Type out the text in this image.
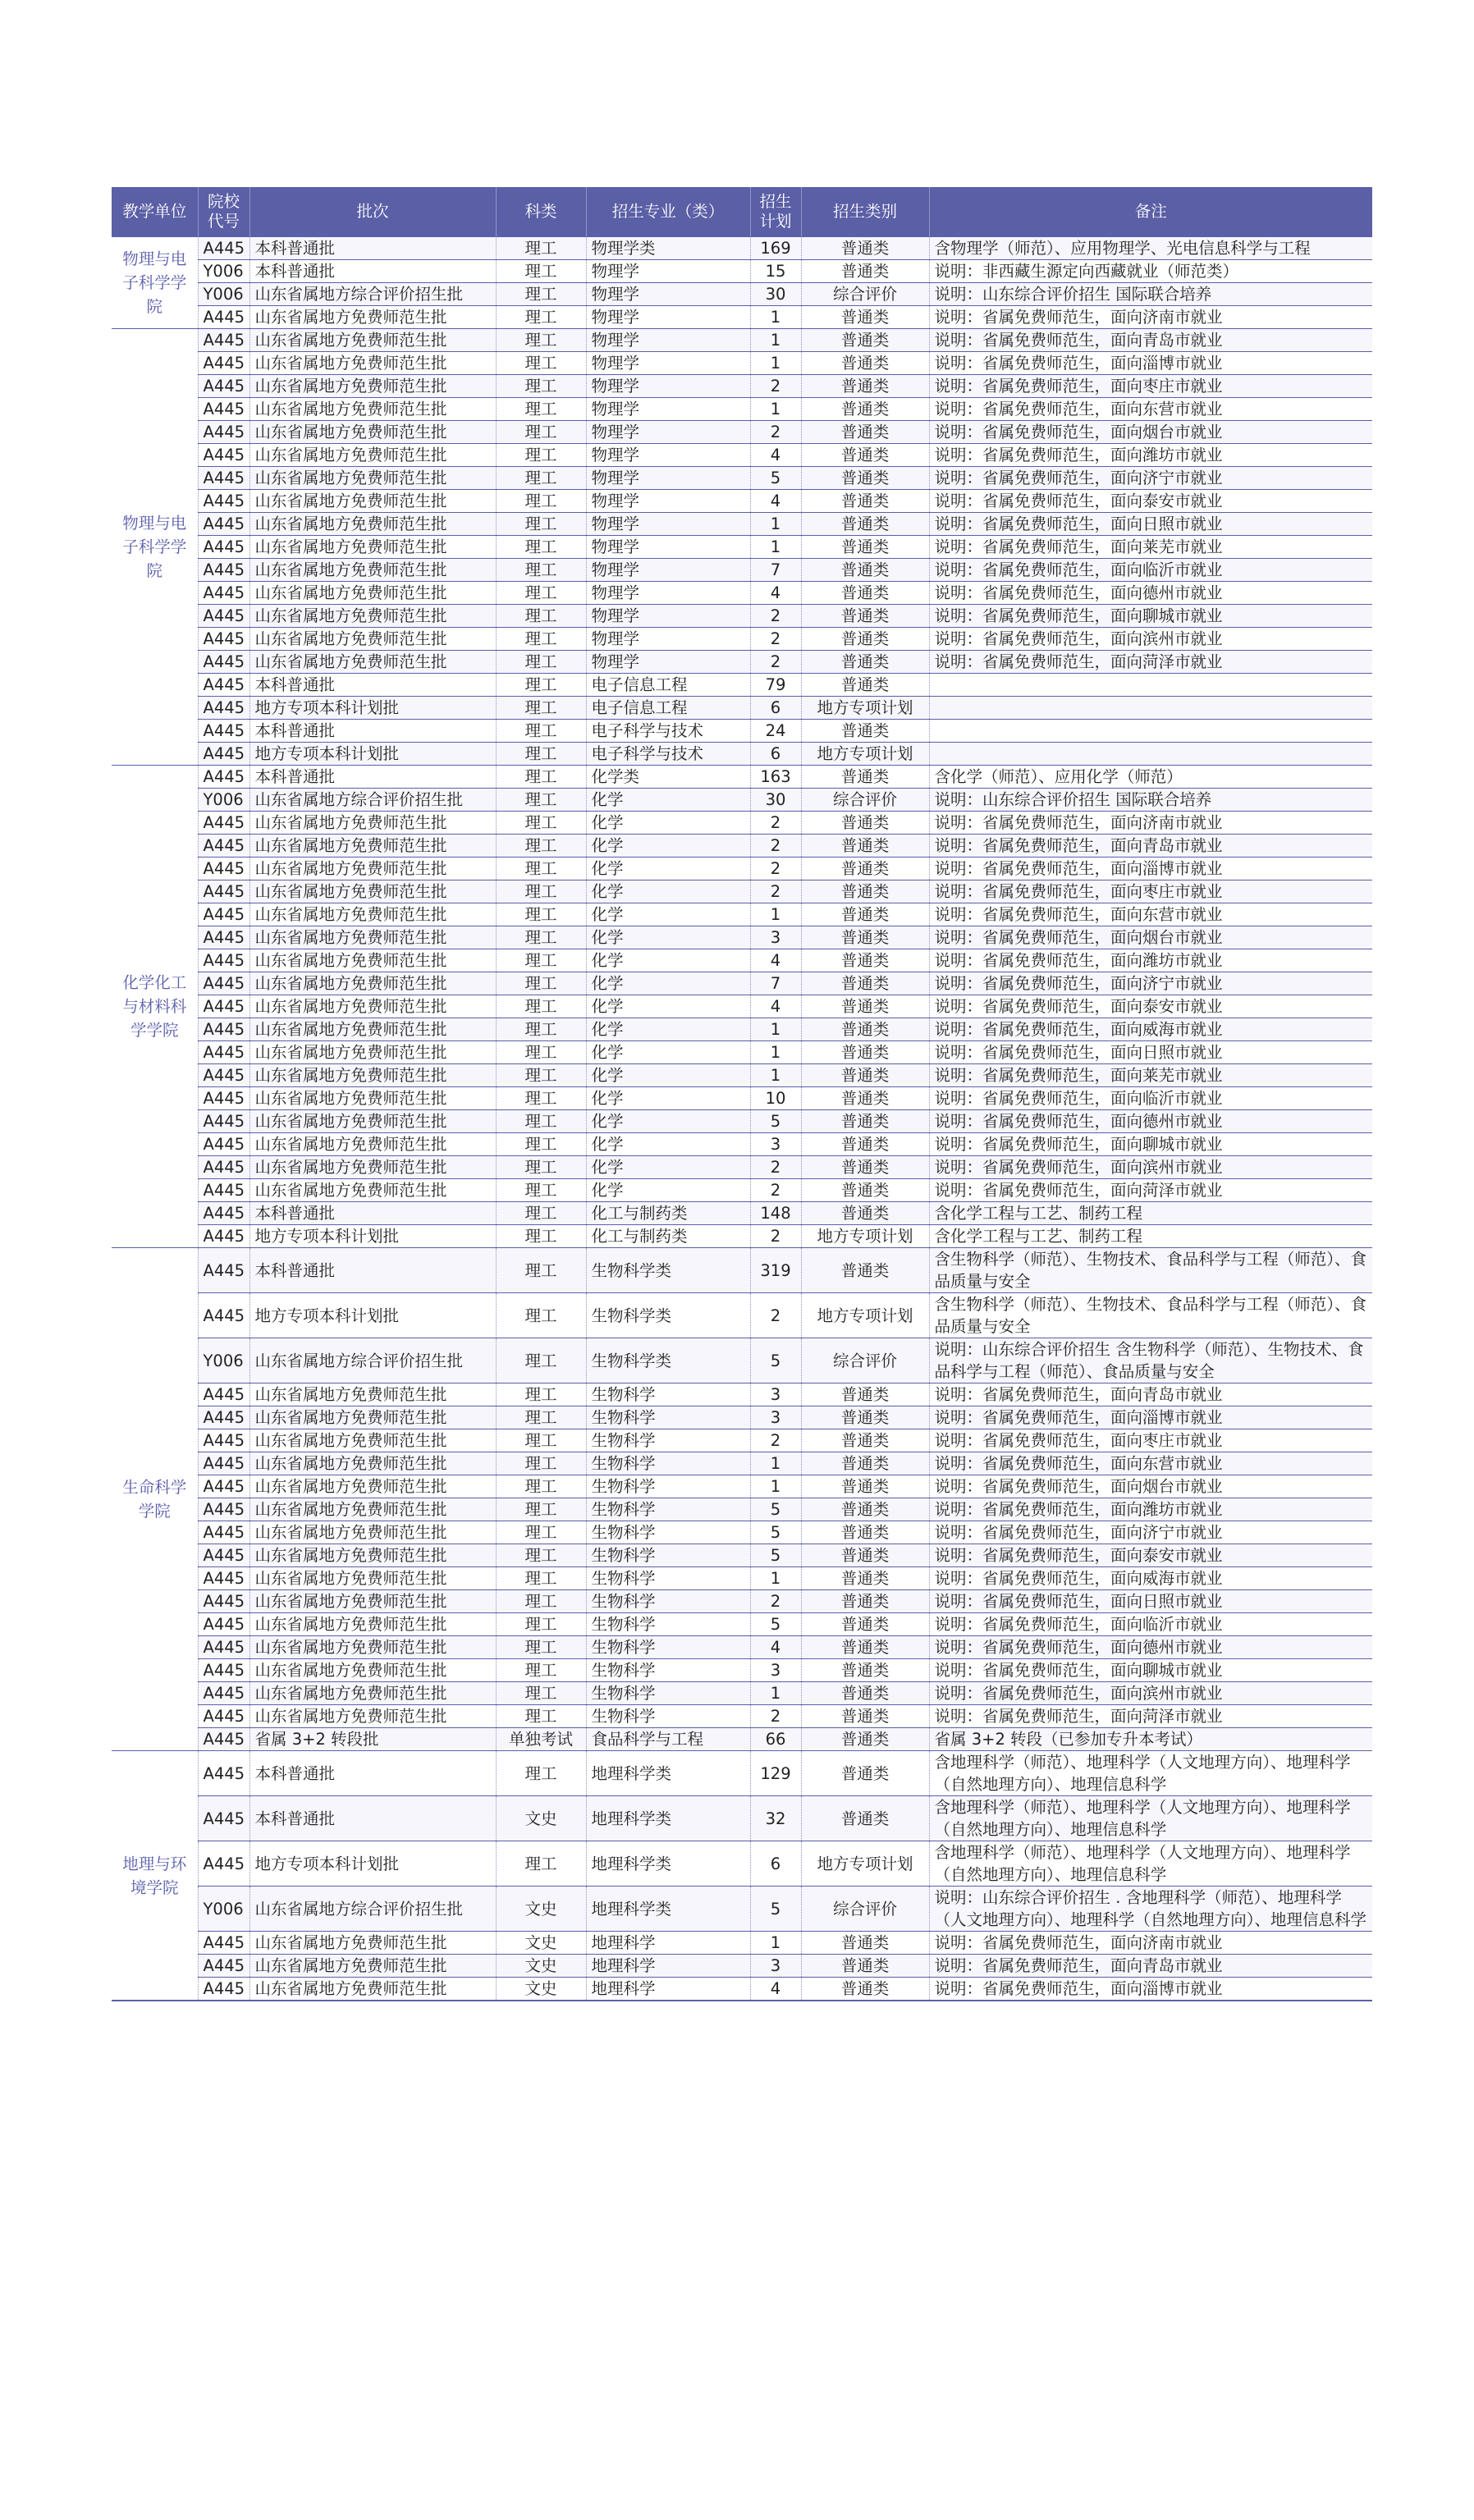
教学单位	院校代号	批次	科类	招生专业（类）	招生计划	招生类别	备注
物理与电子科学学院	A445	本科普通批	理工	物理学类	169	普通类	含物理学（师范）、应用物理学、光电信息科学与工程
	Y006	本科普通批	理工	物理学	15	普通类	说明：非西藏生源定向西藏就业（师范类）
	Y006	山东省属地方综合评价招生批	理工	物理学	30	综合评价	说明：山东综合评价招生 国际联合培养
	A445	山东省属地方免费师范生批	理工	物理学	1	普通类	说明：省属免费师范生，面向济南市就业
物理与电子科学学院	A445	山东省属地方免费师范生批	理工	物理学	1	普通类	说明：省属免费师范生，面向青岛市就业
	A445	山东省属地方免费师范生批	理工	物理学	1	普通类	说明：省属免费师范生，面向淄博市就业
	A445	山东省属地方免费师范生批	理工	物理学	2	普通类	说明：省属免费师范生，面向枣庄市就业
	A445	山东省属地方免费师范生批	理工	物理学	1	普通类	说明：省属免费师范生，面向东营市就业
	A445	山东省属地方免费师范生批	理工	物理学	2	普通类	说明：省属免费师范生，面向烟台市就业
	A445	山东省属地方免费师范生批	理工	物理学	4	普通类	说明：省属免费师范生，面向潍坊市就业
	A445	山东省属地方免费师范生批	理工	物理学	5	普通类	说明：省属免费师范生，面向济宁市就业
	A445	山东省属地方免费师范生批	理工	物理学	4	普通类	说明：省属免费师范生，面向泰安市就业
	A445	山东省属地方免费师范生批	理工	物理学	1	普通类	说明：省属免费师范生，面向日照市就业
	A445	山东省属地方免费师范生批	理工	物理学	1	普通类	说明：省属免费师范生，面向莱芜市就业
	A445	山东省属地方免费师范生批	理工	物理学	7	普通类	说明：省属免费师范生，面向临沂市就业
	A445	山东省属地方免费师范生批	理工	物理学	4	普通类	说明：省属免费师范生，面向德州市就业
	A445	山东省属地方免费师范生批	理工	物理学	2	普通类	说明：省属免费师范生，面向聊城市就业
	A445	山东省属地方免费师范生批	理工	物理学	2	普通类	说明：省属免费师范生，面向滨州市就业
	A445	山东省属地方免费师范生批	理工	物理学	2	普通类	说明：省属免费师范生，面向菏泽市就业
	A445	本科普通批	理工	电子信息工程	79	普通类	
	A445	地方专项本科计划批	理工	电子信息工程	6	地方专项计划	
	A445	本科普通批	理工	电子科学与技术	24	普通类	
	A445	地方专项本科计划批	理工	电子科学与技术	6	地方专项计划	
化学化工与材料科学学院	A445	本科普通批	理工	化学类	163	普通类	含化学（师范）、应用化学（师范）
	Y006	山东省属地方综合评价招生批	理工	化学	30	综合评价	说明：山东综合评价招生 国际联合培养
	A445	山东省属地方免费师范生批	理工	化学	2	普通类	说明：省属免费师范生，面向济南市就业
	A445	山东省属地方免费师范生批	理工	化学	2	普通类	说明：省属免费师范生，面向青岛市就业
	A445	山东省属地方免费师范生批	理工	化学	2	普通类	说明：省属免费师范生，面向淄博市就业
	A445	山东省属地方免费师范生批	理工	化学	2	普通类	说明：省属免费师范生，面向枣庄市就业
	A445	山东省属地方免费师范生批	理工	化学	1	普通类	说明：省属免费师范生，面向东营市就业
	A445	山东省属地方免费师范生批	理工	化学	3	普通类	说明：省属免费师范生，面向烟台市就业
	A445	山东省属地方免费师范生批	理工	化学	4	普通类	说明：省属免费师范生，面向潍坊市就业
	A445	山东省属地方免费师范生批	理工	化学	7	普通类	说明：省属免费师范生，面向济宁市就业
	A445	山东省属地方免费师范生批	理工	化学	4	普通类	说明：省属免费师范生，面向泰安市就业
	A445	山东省属地方免费师范生批	理工	化学	1	普通类	说明：省属免费师范生，面向威海市就业
	A445	山东省属地方免费师范生批	理工	化学	1	普通类	说明：省属免费师范生，面向日照市就业
	A445	山东省属地方免费师范生批	理工	化学	1	普通类	说明：省属免费师范生，面向莱芜市就业
	A445	山东省属地方免费师范生批	理工	化学	10	普通类	说明：省属免费师范生，面向临沂市就业
	A445	山东省属地方免费师范生批	理工	化学	5	普通类	说明：省属免费师范生，面向德州市就业
	A445	山东省属地方免费师范生批	理工	化学	3	普通类	说明：省属免费师范生，面向聊城市就业
	A445	山东省属地方免费师范生批	理工	化学	2	普通类	说明：省属免费师范生，面向滨州市就业
	A445	山东省属地方免费师范生批	理工	化学	2	普通类	说明：省属免费师范生，面向菏泽市就业
	A445	本科普通批	理工	化工与制药类	148	普通类	含化学工程与工艺、制药工程
	A445	地方专项本科计划批	理工	化工与制药类	2	地方专项计划	含化学工程与工艺、制药工程
生命科学学院	A445	本科普通批	理工	生物科学类	319	普通类	含生物科学（师范）、生物技术、食品科学与工程（师范）、食品质量与安全
	A445	地方专项本科计划批	理工	生物科学类	2	地方专项计划	含生物科学（师范）、生物技术、食品科学与工程（师范）、食品质量与安全
	Y006	山东省属地方综合评价招生批	理工	生物科学类	5	综合评价	说明：山东综合评价招生 含生物科学（师范）、生物技术、食品科学与工程（师范）、食品质量与安全
	A445	山东省属地方免费师范生批	理工	生物科学	3	普通类	说明：省属免费师范生，面向青岛市就业
	A445	山东省属地方免费师范生批	理工	生物科学	3	普通类	说明：省属免费师范生，面向淄博市就业
	A445	山东省属地方免费师范生批	理工	生物科学	2	普通类	说明：省属免费师范生，面向枣庄市就业
	A445	山东省属地方免费师范生批	理工	生物科学	1	普通类	说明：省属免费师范生，面向东营市就业
	A445	山东省属地方免费师范生批	理工	生物科学	1	普通类	说明：省属免费师范生，面向烟台市就业
	A445	山东省属地方免费师范生批	理工	生物科学	5	普通类	说明：省属免费师范生，面向潍坊市就业
	A445	山东省属地方免费师范生批	理工	生物科学	5	普通类	说明：省属免费师范生，面向济宁市就业
	A445	山东省属地方免费师范生批	理工	生物科学	5	普通类	说明：省属免费师范生，面向泰安市就业
	A445	山东省属地方免费师范生批	理工	生物科学	1	普通类	说明：省属免费师范生，面向威海市就业
	A445	山东省属地方免费师范生批	理工	生物科学	2	普通类	说明：省属免费师范生，面向日照市就业
	A445	山东省属地方免费师范生批	理工	生物科学	5	普通类	说明：省属免费师范生，面向临沂市就业
	A445	山东省属地方免费师范生批	理工	生物科学	4	普通类	说明：省属免费师范生，面向德州市就业
	A445	山东省属地方免费师范生批	理工	生物科学	3	普通类	说明：省属免费师范生，面向聊城市就业
	A445	山东省属地方免费师范生批	理工	生物科学	1	普通类	说明：省属免费师范生，面向滨州市就业
	A445	山东省属地方免费师范生批	理工	生物科学	2	普通类	说明：省属免费师范生，面向菏泽市就业
	A445	省属 3+2 转段批	单独考试	食品科学与工程	66	普通类	省属 3+2 转段（已参加专升本考试）
地理与环境学院	A445	本科普通批	理工	地理科学类	129	普通类	含地理科学（师范）、地理科学（人文地理方向）、地理科学（自然地理方向）、地理信息科学
	A445	本科普通批	文史	地理科学类	32	普通类	含地理科学（师范）、地理科学（人文地理方向）、地理科学（自然地理方向）、地理信息科学
	A445	地方专项本科计划批	理工	地理科学类	6	地方专项计划	含地理科学（师范）、地理科学（人文地理方向）、地理科学（自然地理方向）、地理信息科学
	Y006	山东省属地方综合评价招生批	文史	地理科学类	5	综合评价	说明：山东综合评价招生 . 含地理科学（师范）、地理科学（人文地理方向）、地理科学（自然地理方向）、地理信息科学
	A445	山东省属地方免费师范生批	文史	地理科学	1	普通类	说明：省属免费师范生，面向济南市就业
	A445	山东省属地方免费师范生批	文史	地理科学	3	普通类	说明：省属免费师范生，面向青岛市就业
	A445	山东省属地方免费师范生批	文史	地理科学	4	普通类	说明：省属免费师范生，面向淄博市就业
